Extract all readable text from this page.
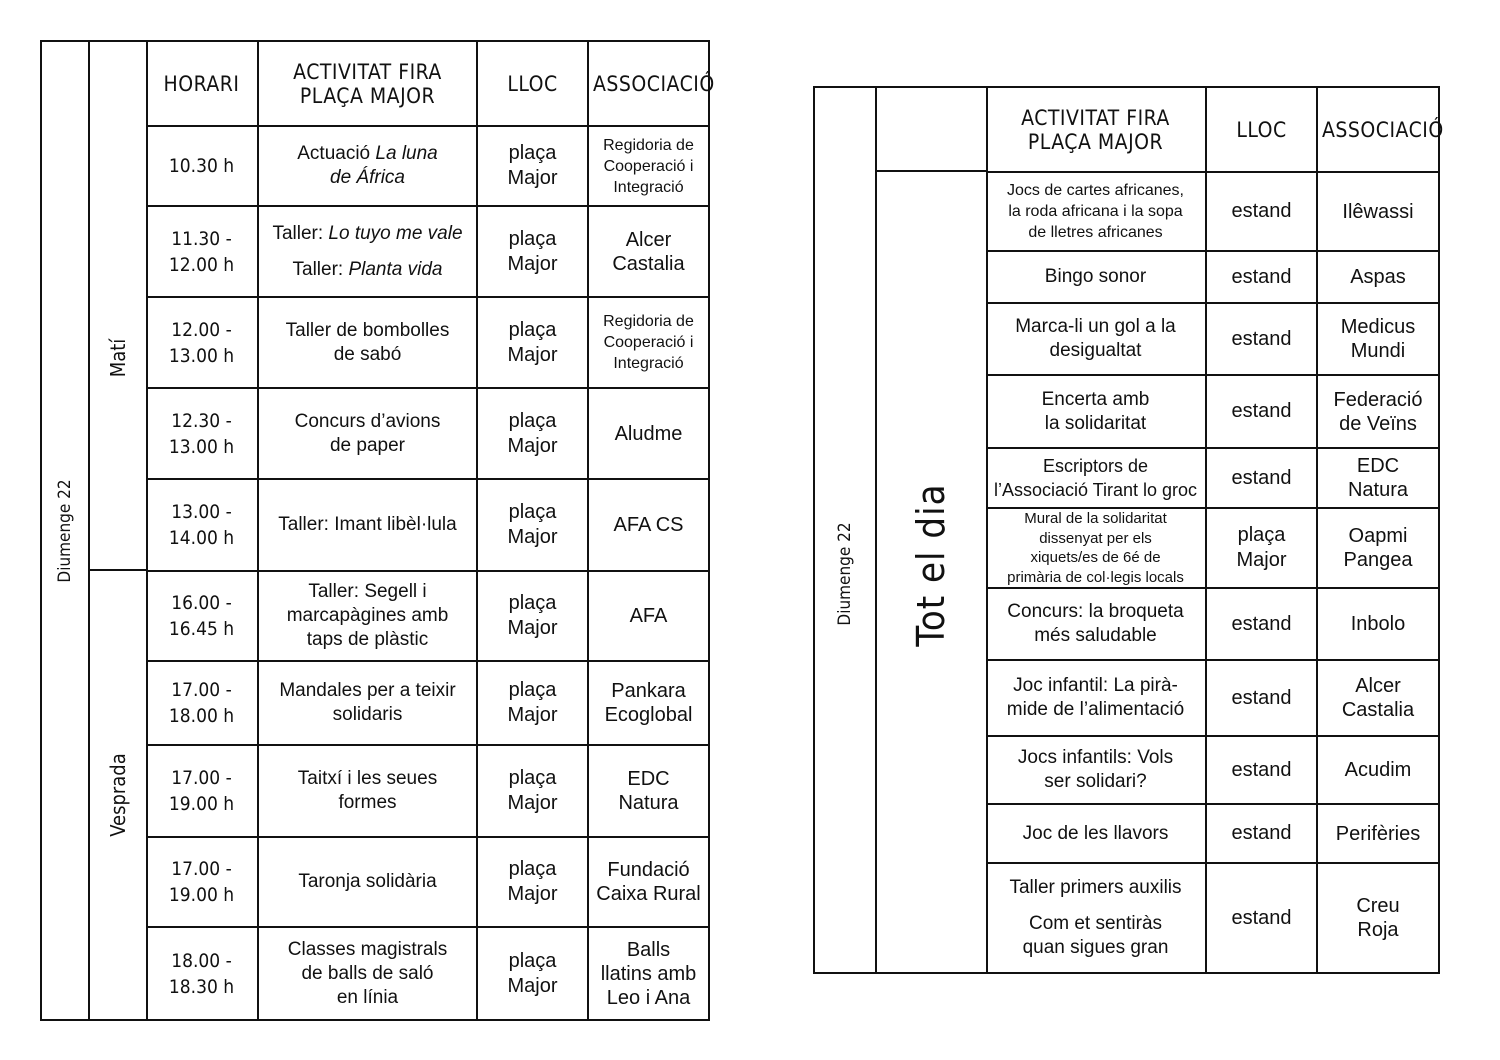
Diumenge 22
Matí
Vesprada
HORARI	ACTIVITAT FIRA
PLAÇA MAJOR	LLOC	ASSOCIACIÓ

10.30 h	Actuació La luna
de África	plaça
Major	Regidoria de
Cooperació i
Integració

11.30 -
12.00 h	Taller: Lo tuyo me vale
Taller: Planta vida	plaça
Major	Alcer
Castalia

12.00 -
13.00 h	Taller de bombolles
de sabó	plaça
Major	Regidoria de
Cooperació i
Integració

12.30 -
13.00 h	Concurs d’avions
de paper	plaça
Major	Aludme

13.00 -
14.00 h	Taller: Imant libèl·lula	plaça
Major	AFA CS

16.00 -
16.45 h	Taller: Segell i
marcapàgines amb
taps de plàstic	plaça
Major	AFA

17.00 -
18.00 h	Mandales per a teixir
solidaris	plaça
Major	Pankara
Ecoglobal

17.00 -
19.00 h	Taitxí i les seues
formes	plaça
Major	EDC
Natura

17.00 -
19.00 h	Taronja solidària	plaça
Major	Fundació
Caixa Rural

18.00 -
18.30 h	Classes magistrals
de balls de saló
en línia	plaça
Major	Balls
llatins amb
Leo i Ana
Diumenge 22 Tot el dia
ACTIVITAT FIRA
PLAÇA MAJOR	LLOC	ASSOCIACIÓ

Jocs de cartes africanes,
la roda africana i la sopa
de lletres africanes	estand	Ilêwassi

Bingo sonor	estand	Aspas

Marca-li un gol a la
desigualtat	estand	Medicus
Mundi

Encerta amb
la solidaritat	estand	Federació
de Veïns

Escriptors de
l’Associació Tirant lo groc	estand	EDC
Natura

Mural de la solidaritat
dissenyat per els
xiquets/es de 6é de
primària de col·legis locals	plaça
Major	Oapmi
Pangea

Concurs: la broqueta
més saludable	estand	Inbolo

Joc infantil: La pirà-
mide de l’alimentació	estand	Alcer
Castalia

Jocs infantils: Vols
ser solidari?	estand	Acudim

Joc de les llavors	estand	Perifèries

Taller primers auxilis
Com et sentiràs
quan sigues gran	estand	Creu
Roja
